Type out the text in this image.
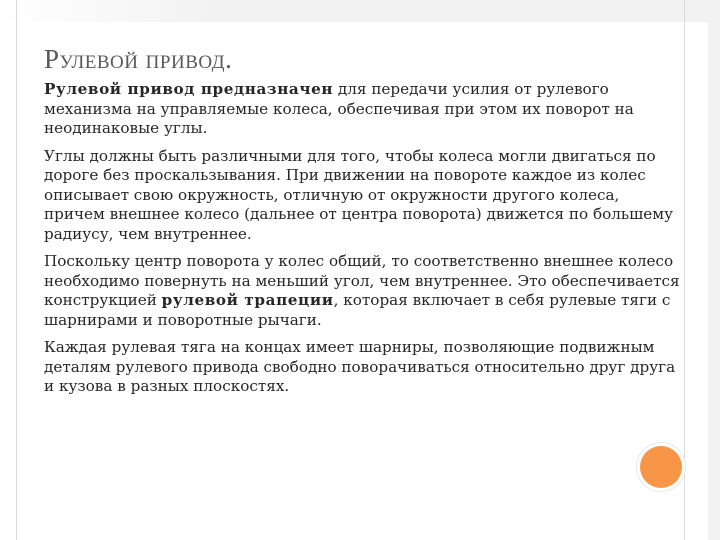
Рулевой привод.

Рулевой привод предназначен для передачи усилия от рулевого механизма на управляемые колеса, обеспечивая при этом их поворот на неодинаковые углы.

Углы должны быть различными для того, чтобы колеса могли двигаться по дороге без проскальзывания. При движении на повороте каждое из колес описывает свою окружность, отличную от окружности другого колеса, причем внешнее колесо (дальнее от центра поворота) движется по большему радиусу, чем внутреннее.

Поскольку центр поворота у колес общий, то соответственно внешнее колесо необходимо повернуть на меньший угол, чем внутреннее. Это обеспечивается конструкцией рулевой трапеции, которая включает в себя рулевые тяги с шарнирами и поворотные рычаги.

Каждая рулевая тяга на концах имеет шарниры, позволяющие подвижным деталям рулевого привода свободно поворачиваться относительно друг друга и кузова в разных плоскостях.
